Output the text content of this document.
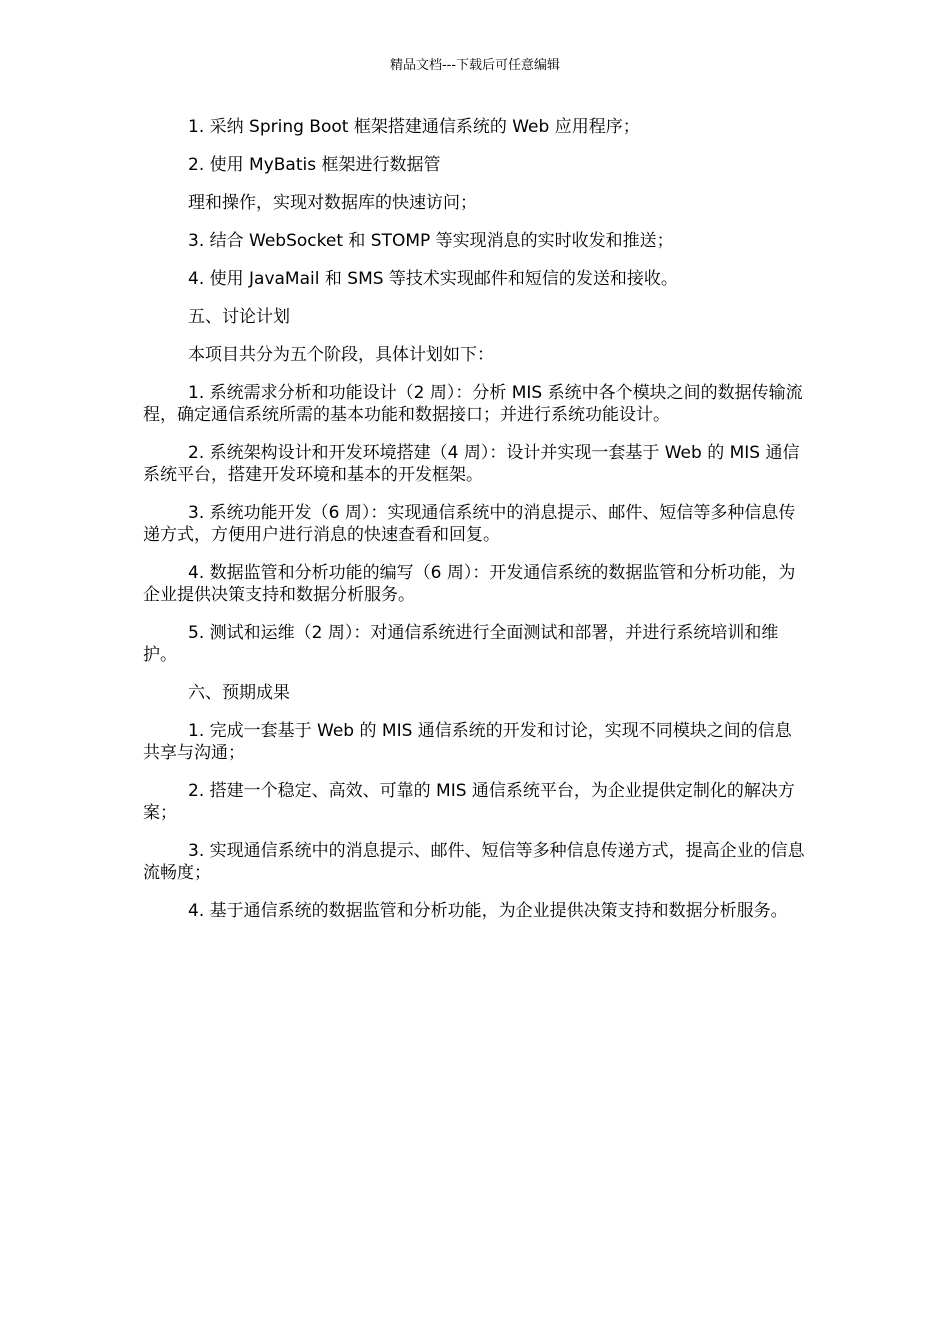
精品文档---下载后可任意编辑

1. 采纳 Spring Boot 框架搭建通信系统的 Web 应用程序；

2. 使用 MyBatis 框架进行数据管

理和操作，实现对数据库的快速访问；

3. 结合 WebSocket 和 STOMP 等实现消息的实时收发和推送；

4. 使用 JavaMail 和 SMS 等技术实现邮件和短信的发送和接收。

五、讨论计划

本项目共分为五个阶段，具体计划如下：

1. 系统需求分析和功能设计（2 周）：分析 MIS 系统中各个模块之间的数据传输流程，确定通信系统所需的基本功能和数据接口；并进行系统功能设计。

2. 系统架构设计和开发环境搭建（4 周）：设计并实现一套基于 Web 的 MIS 通信系统平台，搭建开发环境和基本的开发框架。

3. 系统功能开发（6 周）：实现通信系统中的消息提示、邮件、短信等多种信息传递方式，方便用户进行消息的快速查看和回复。

4. 数据监管和分析功能的编写（6 周）：开发通信系统的数据监管和分析功能，为企业提供决策支持和数据分析服务。

5. 测试和运维（2 周）：对通信系统进行全面测试和部署，并进行系统培训和维护。

六、预期成果

1. 完成一套基于 Web 的 MIS 通信系统的开发和讨论，实现不同模块之间的信息共享与沟通；

2. 搭建一个稳定、高效、可靠的 MIS 通信系统平台，为企业提供定制化的解决方案；

3. 实现通信系统中的消息提示、邮件、短信等多种信息传递方式，提高企业的信息流畅度；

4. 基于通信系统的数据监管和分析功能，为企业提供决策支持和数据分析服务。
